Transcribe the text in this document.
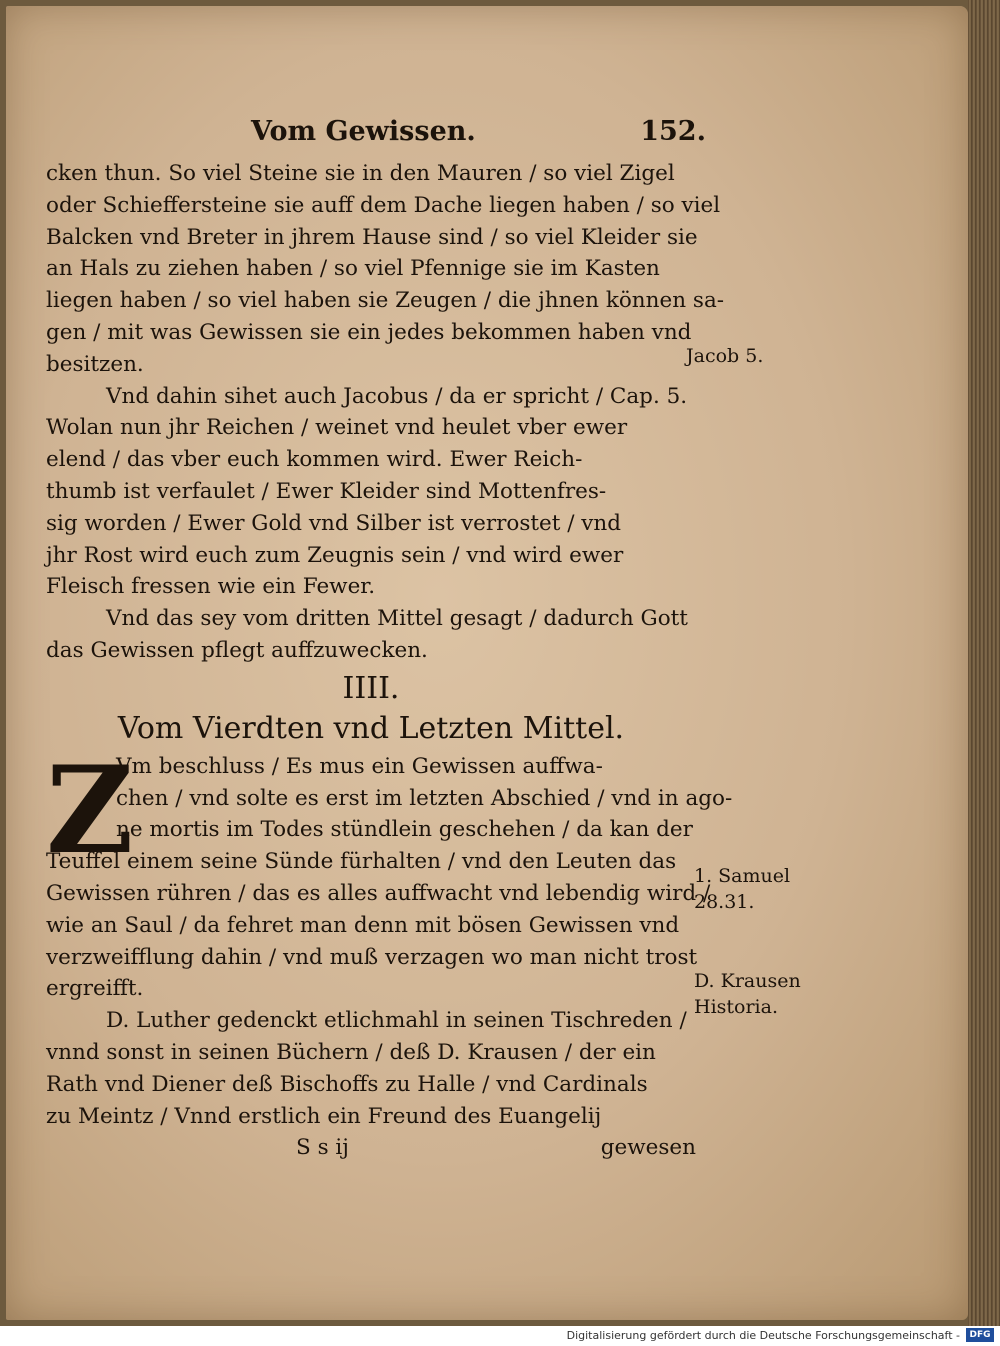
Vom Gewissen.	152.
cken thun. So viel Steine sie in den Mauren / so viel Zigel
oder Schieffersteine sie auff dem Dache liegen haben / so viel
Balcken vnd Breter in jhrem Hause sind / so viel Kleider sie
an Hals zu ziehen haben / so viel Pfennige sie im Kasten
liegen haben / so viel haben sie Zeugen / die jhnen können sa-
gen / mit was Gewissen sie ein jedes bekommen haben vnd
besitzen.
Vnd dahin sihet auch Jacobus / da er spricht / Cap. 5.
Wolan nun jhr Reichen / weinet vnd heulet vber ewer
elend / das vber euch kommen wird. Ewer Reich-
thumb ist verfaulet / Ewer Kleider sind Mottenfres-
sig worden / Ewer Gold vnd Silber ist verrostet / vnd
jhr Rost wird euch zum Zeugnis sein / vnd wird ewer
Fleisch fressen wie ein Fewer.
Vnd das sey vom dritten Mittel gesagt / dadurch Gott
das Gewissen pflegt auffzuwecken.
IIII.
Vom Vierdten vnd Letzten Mittel.
Z
Vm beschluss / Es mus ein Gewissen auffwa-
chen / vnd solte es erst im letzten Abschied / vnd in ago-
ne mortis im Todes stündlein geschehen / da kan der
Teuffel einem seine Sünde fürhalten / vnd den Leuten das
Gewissen rühren / das es alles auffwacht vnd lebendig wird /
wie an Saul / da fehret man denn mit bösen Gewissen vnd
verzweifflung dahin / vnd muß verzagen wo man nicht trost
ergreifft.
D. Luther gedenckt etlichmahl in seinen Tischreden /
vnnd sonst in seinen Büchern / deß D. Krausen / der ein
Rath vnd Diener deß Bischoffs zu Halle / vnd Cardinals
zu Meintz / Vnnd erstlich ein Freund des Euangelij
S s ij	gewesen
Jacob 5.
1. Samuel
28.31.
D. Krausen
Historia.
Digitalisierung gefördert durch die Deutsche Forschungsgemeinschaft -	DFG
